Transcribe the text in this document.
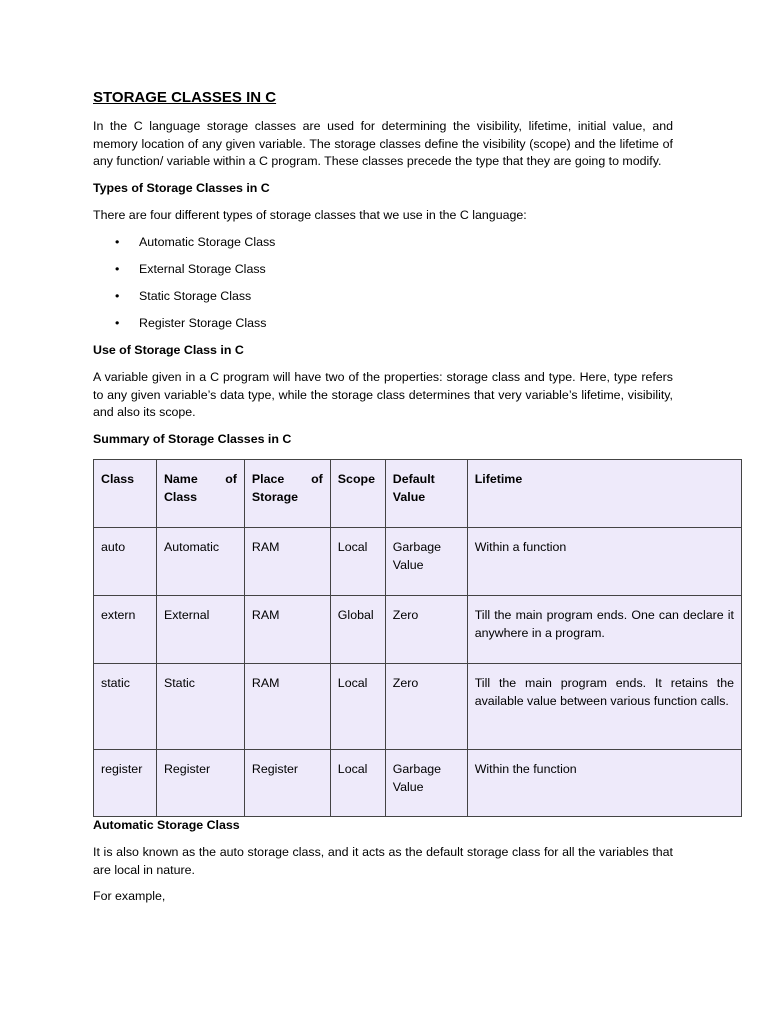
STORAGE CLASSES IN C

In the C language storage classes are used for determining the visibility, lifetime, initial value, and memory location of any given variable. The storage classes define the visibility (scope) and the lifetime of any function/ variable within a C program. These classes precede the type that they are going to modify.

Types of Storage Classes in C

There are four different types of storage classes that we use in the C language:

• Automatic Storage Class
• External Storage Class
• Static Storage Class
• Register Storage Class
Use of Storage Class in C

A variable given in a C program will have two of the properties: storage class and type. Here, type refers to any given variable’s data type, while the storage class determines that very variable’s lifetime, visibility, and also its scope.

Summary of Storage Classes in C
Class	Name of Class	Place of Storage	Scope	Default Value	Lifetime
auto	Automatic	RAM	Local	Garbage Value	Within a function
extern	External	RAM	Global	Zero	Till the main program ends. One can declare it anywhere in a program.
static	Static	RAM	Local	Zero	Till the main program ends. It retains the available value between various function calls.
register	Register	Register	Local	Garbage Value	Within the function
Automatic Storage Class

It is also known as the auto storage class, and it acts as the default storage class for all the variables that are local in nature.

For example,
